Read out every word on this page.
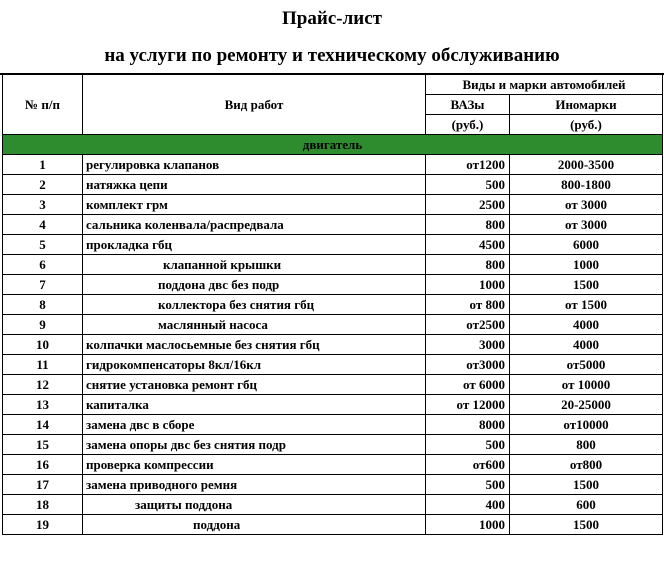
Прайс-лист
на услуги по ремонту и техническому обслуживанию
№ п/п	Вид работ	Виды и марки автомобилей	
		ВАЗы	Иномарки
		(руб.)	(руб.)
двигатель			
1	регулировка клапанов	от1200	2000-3500
2	натяжка цепи	500	800-1800
3	комплект грм	2500	от 3000
4	сальника коленвала/распредвала	800	от 3000
5	прокладка гбц	4500	6000
6	клапанной крышки	800	1000
7	поддона двс без подр	1000	1500
8	коллектора без снятия гбц	от 800	от 1500
9	маслянный насоса	от2500	4000
10	колпачки маслосьемные без снятия гбц	3000	4000
11	гидрокомпенсаторы 8кл/16кл	от3000	от5000
12	снятие установка ремонт гбц	от 6000	от 10000
13	капиталка	от 12000	20-25000
14	замена двс в сборе	8000	от10000
15	замена опоры двс без снятия подр	500	800
16	проверка компрессии	от600	от800
17	замена приводного ремня	500	1500
18	защиты поддона	400	600
19	поддона	1000	1500
